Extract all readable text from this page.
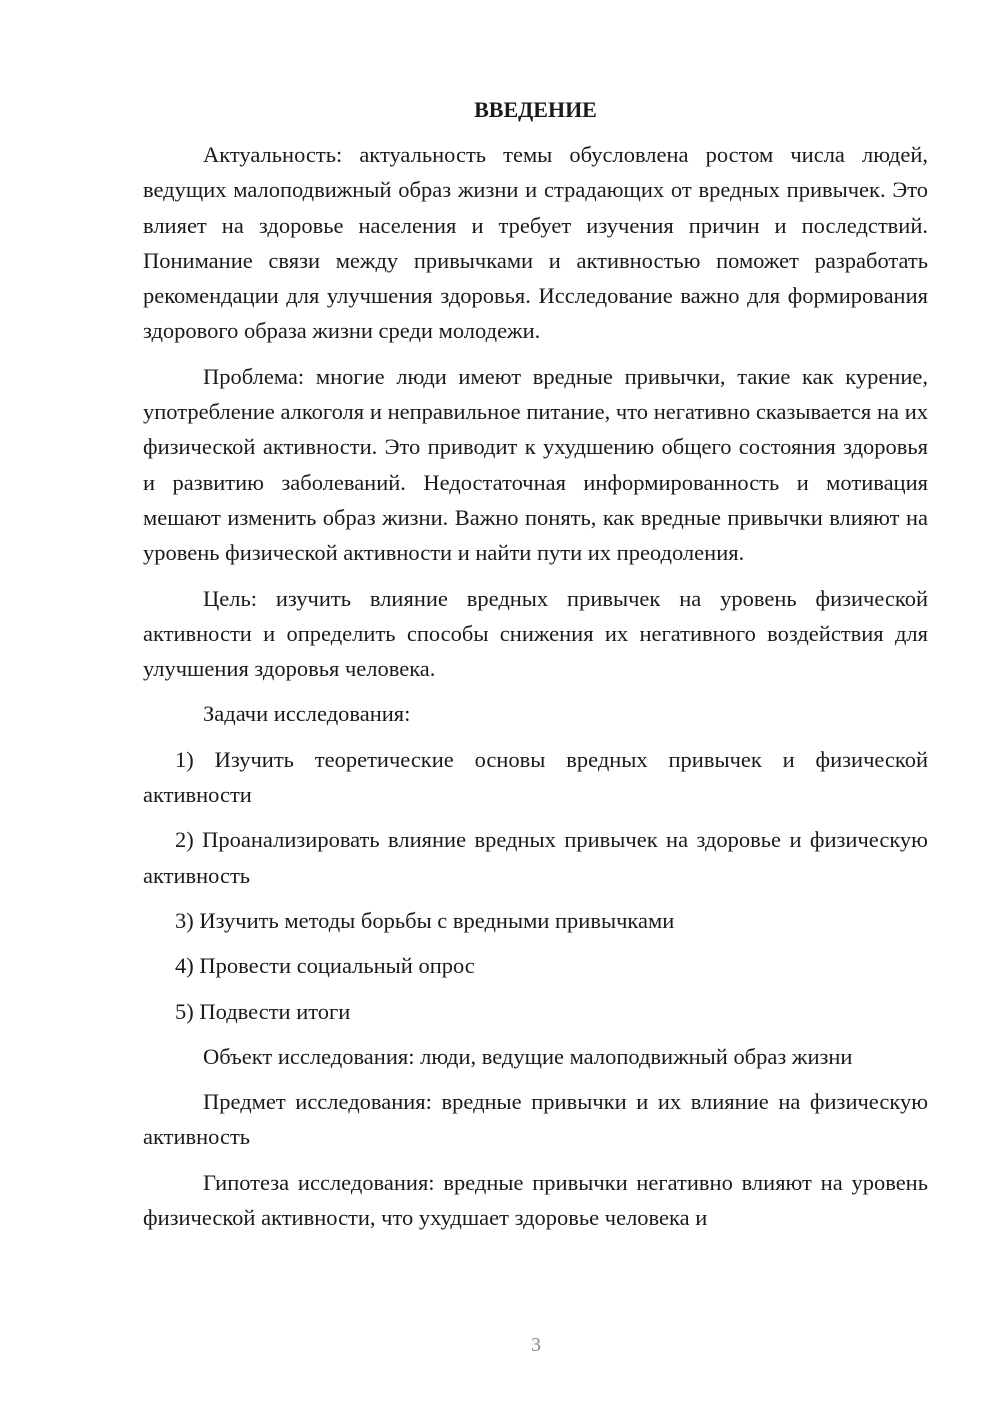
ВВЕДЕНИЕ

Актуальность: актуальность темы обусловлена ростом числа людей, ведущих малоподвижный образ жизни и страдающих от вредных привычек. Это влияет на здоровье населения и требует изучения причин и последствий. Понимание связи между привычками и активностью поможет разработать рекомендации для улучшения здоровья. Исследование важно для формирования здорового образа жизни среди молодежи.

Проблема: многие люди имеют вредные привычки, такие как курение, употребление алкоголя и неправильное питание, что негативно сказывается на их физической активности. Это приводит к ухудшению общего состояния здоровья и развитию заболеваний. Недостаточная информированность и мотивация мешают изменить образ жизни. Важно понять, как вредные привычки влияют на уровень физической активности и найти пути их преодоления.

Цель: изучить влияние вредных привычек на уровень физической активности и определить способы снижения их негативного воздействия для улучшения здоровья человека.

Задачи исследования:

1) Изучить теоретические основы вредных привычек и физической активности

2) Проанализировать влияние вредных привычек на здоровье и физическую активность

3) Изучить методы борьбы с вредными привычками

4) Провести социальный опрос

5) Подвести итоги

Объект исследования: люди, ведущие малоподвижный образ жизни

Предмет исследования: вредные привычки и их влияние на физическую активность

Гипотеза исследования: вредные привычки негативно влияют на уровень физической активности, что ухудшает здоровье человека и

3
